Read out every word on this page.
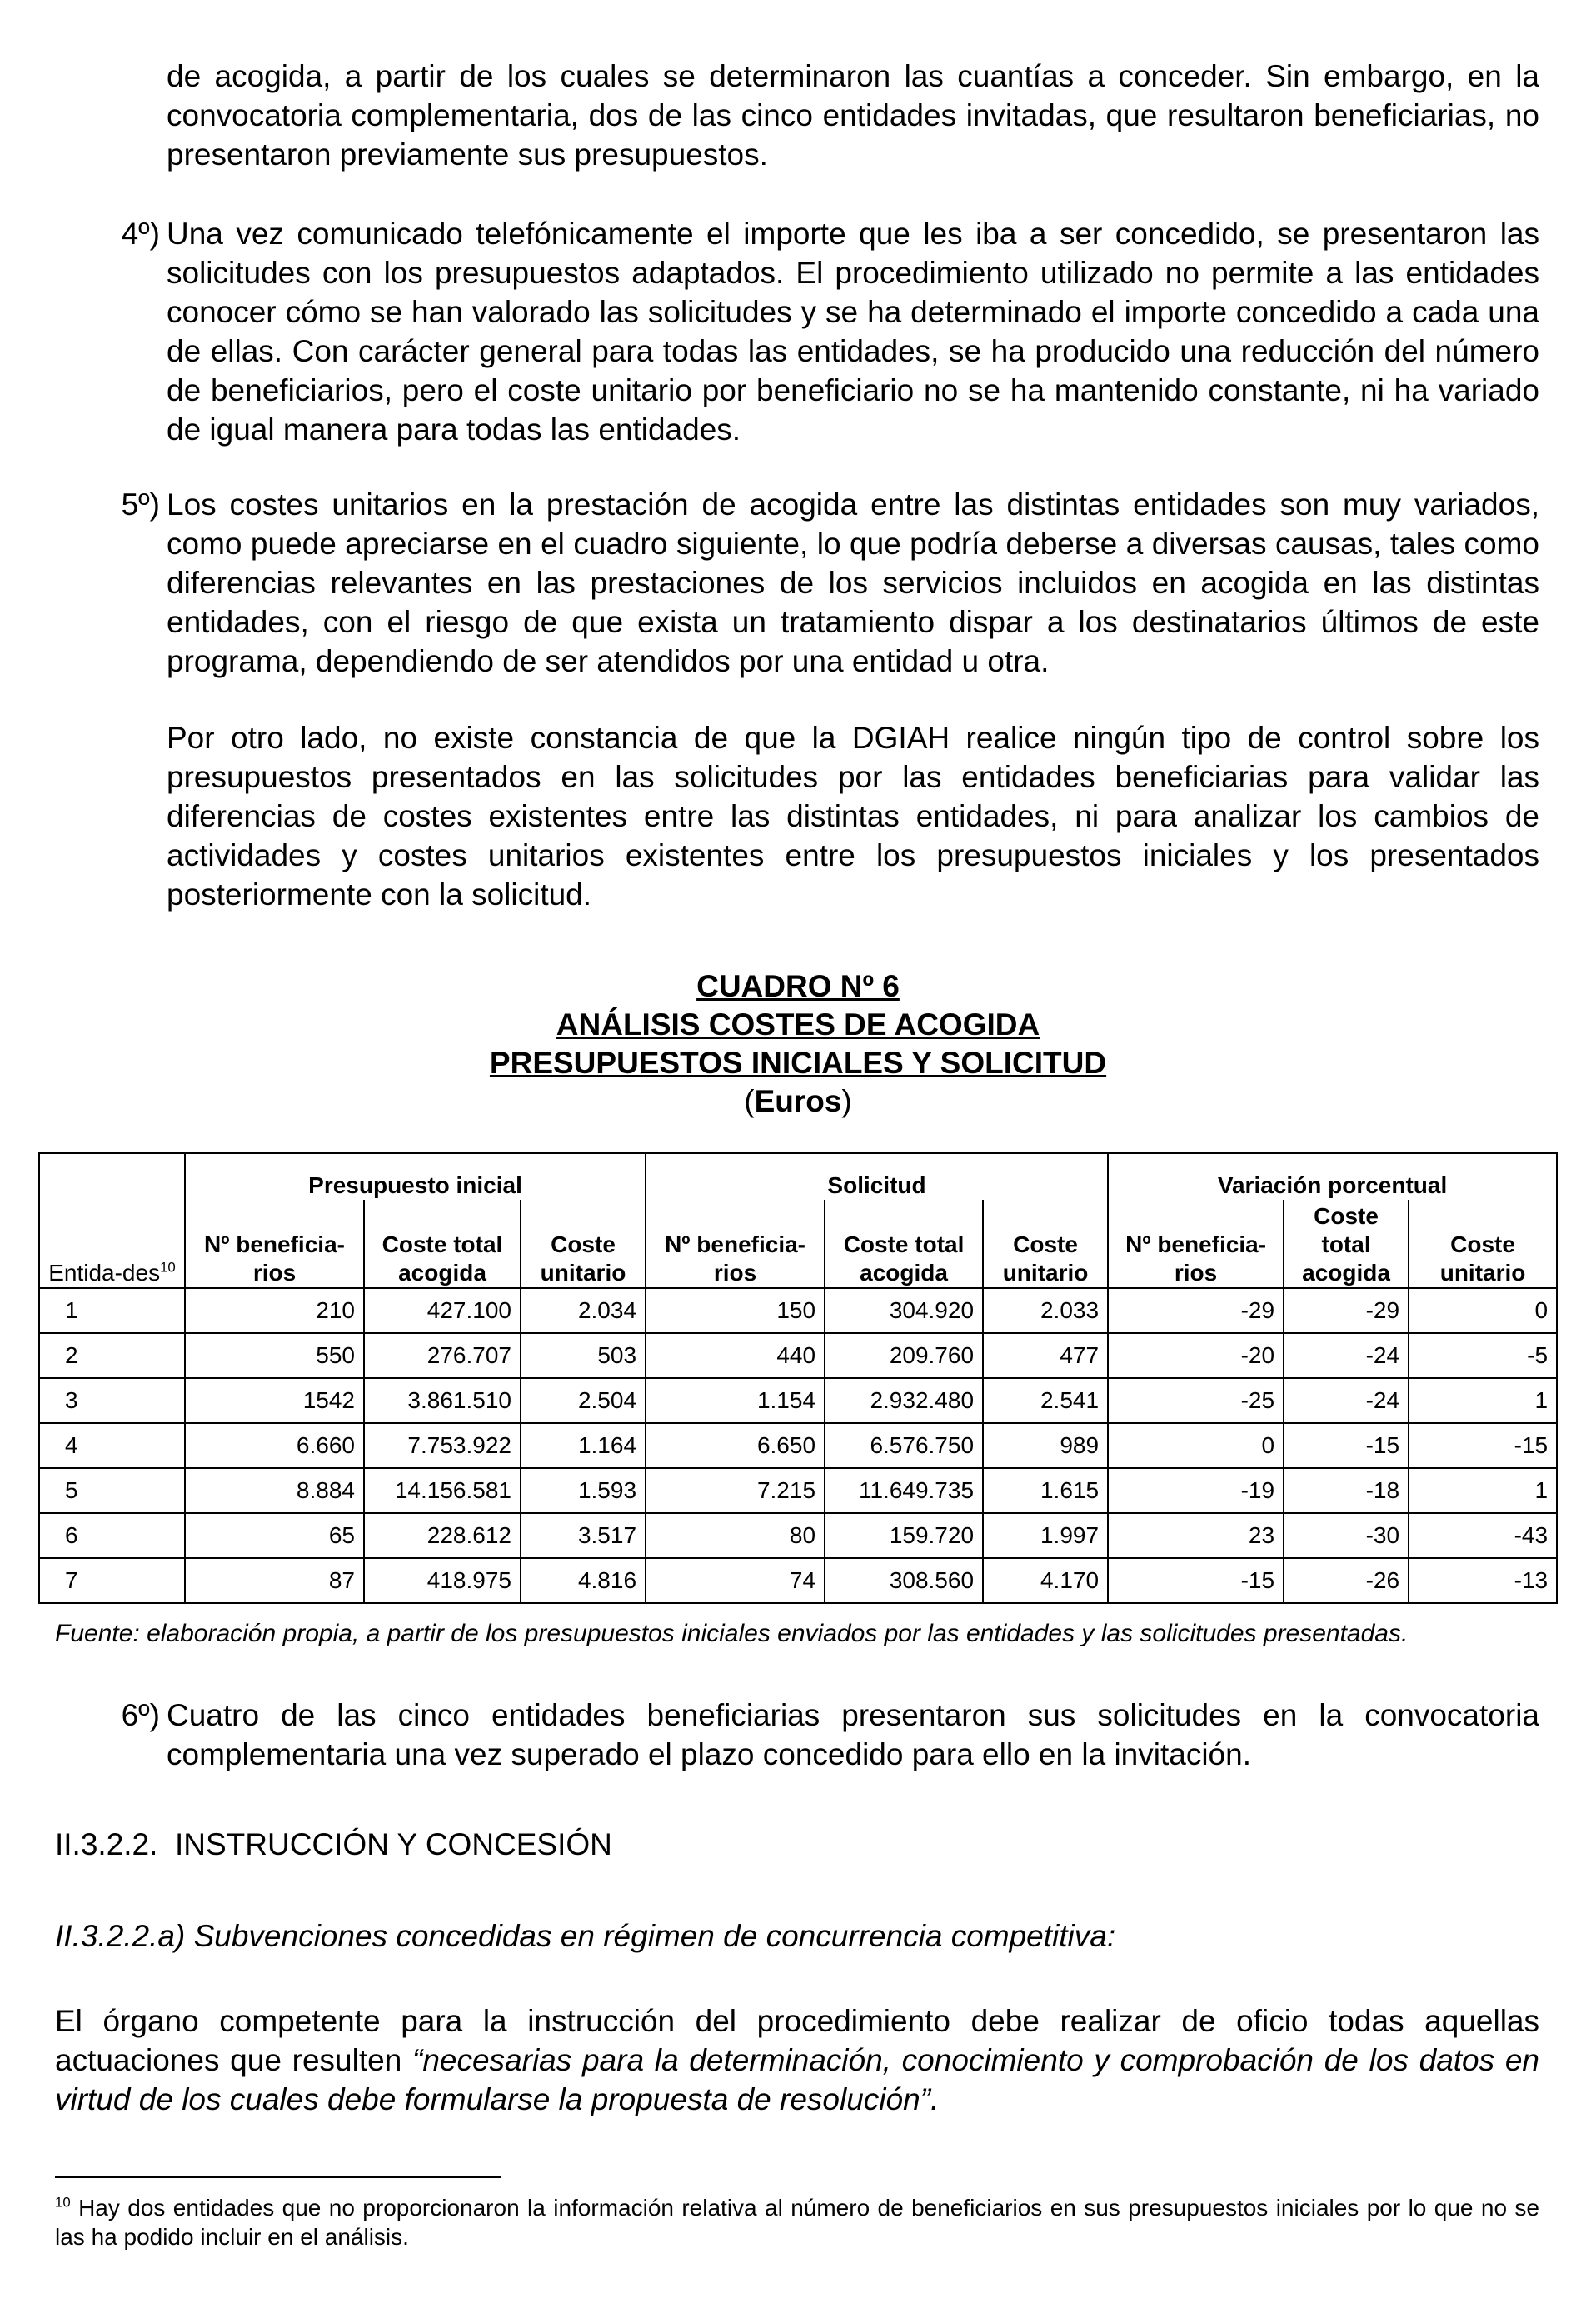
de acogida, a partir de los cuales se determinaron las cuantías a conceder. Sin embargo, en la convocatoria complementaria, dos de las cinco entidades invitadas, que resultaron beneficiarias, no presentaron previamente sus presupuestos.

4º) Una vez comunicado telefónicamente el importe que les iba a ser concedido, se presentaron las solicitudes con los presupuestos adaptados. El procedimiento utilizado no permite a las entidades conocer cómo se han valorado las solicitudes y se ha determinado el importe concedido a cada una de ellas. Con carácter general para todas las entidades, se ha producido una reducción del número de beneficiarios, pero el coste unitario por beneficiario no se ha mantenido constante, ni ha variado de igual manera para todas las entidades.

5º) Los costes unitarios en la prestación de acogida entre las distintas entidades son muy variados, como puede apreciarse en el cuadro siguiente, lo que podría deberse a diversas causas, tales como diferencias relevantes en las prestaciones de los servicios incluidos en acogida en las distintas entidades, con el riesgo de que exista un tratamiento dispar a los destinatarios últimos de este programa, dependiendo de ser atendidos por una entidad u otra.

Por otro lado, no existe constancia de que la DGIAH realice ningún tipo de control sobre los presupuestos presentados en las solicitudes por las entidades beneficiarias para validar las diferencias de costes existentes entre las distintas entidades, ni para analizar los cambios de actividades y costes unitarios existentes entre los presupuestos iniciales y los presentados posteriormente con la solicitud.

CUADRO Nº 6
ANÁLISIS COSTES DE ACOGIDA
PRESUPUESTOS INICIALES Y SOLICITUD
(Euros)
	Presupuesto inicial			Solicitud			Variación porcentual		
Entida-des$^{10}$	Nº beneficia-rios	Coste total acogida	Coste unitario	Nº beneficia-rios	Coste total acogida	Coste unitario	Nº beneficia-rios	Coste total acogida	Coste unitario
1	210	427.100	2.034	150	304.920	2.033	-29	-29	0
2	550	276.707	503	440	209.760	477	-20	-24	-5
3	1542	3.861.510	2.504	1.154	2.932.480	2.541	-25	-24	1
4	6.660	7.753.922	1.164	6.650	6.576.750	989	0	-15	-15
5	8.884	14.156.581	1.593	7.215	11.649.735	1.615	-19	-18	1
6	65	228.612	3.517	80	159.720	1.997	23	-30	-43
7	87	418.975	4.816	74	308.560	4.170	-15	-26	-13
Fuente: elaboración propia, a partir de los presupuestos iniciales enviados por las entidades y las solicitudes presentadas.
6º) Cuatro de las cinco entidades beneficiarias presentaron sus solicitudes en la convocatoria complementaria una vez superado el plazo concedido para ello en la invitación.

II.3.2.2.  INSTRUCCIÓN Y CONCESIÓN
II.3.2.2.a) Subvenciones concedidas en régimen de concurrencia competitiva:

El órgano competente para la instrucción del procedimiento debe realizar de oficio todas aquellas actuaciones que resulten “necesarias para la determinación, conocimiento y comprobación de los datos en virtud de los cuales debe formularse la propuesta de resolución”.

$^{10}$ Hay dos entidades que no proporcionaron la información relativa al número de beneficiarios en sus presupuestos iniciales por lo que no se las ha podido incluir en el análisis.
